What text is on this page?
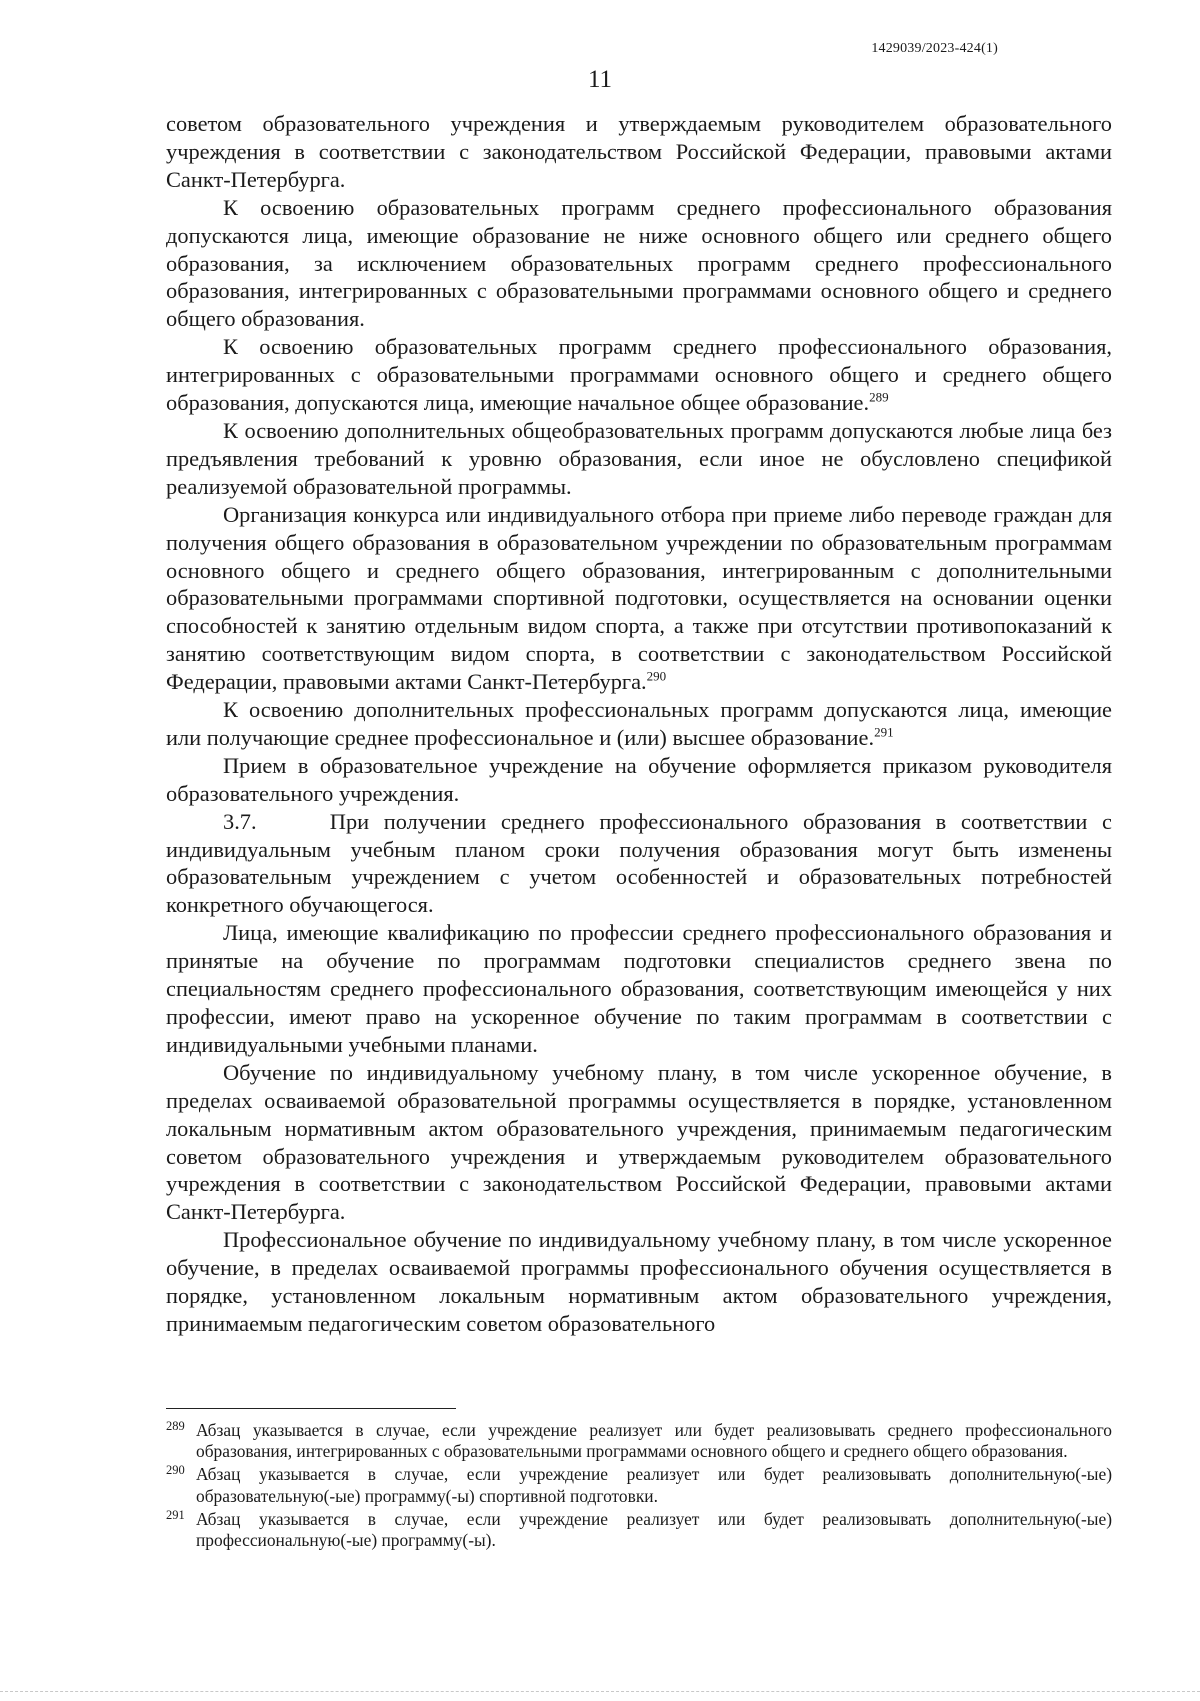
1429039/2023-424(1)
11

советом образовательного учреждения и утверждаемым руководителем образовательного учреждения в соответствии с законодательством Российской Федерации, правовыми актами Санкт-Петербурга.

К освоению образовательных программ среднего профессионального образования допускаются лица, имеющие образование не ниже основного общего или среднего общего образования, за исключением образовательных программ среднего профессионального образования, интегрированных с образовательными программами основного общего и среднего общего образования.

К освоению образовательных программ среднего профессионального образования, интегрированных с образовательными программами основного общего и среднего общего образования, допускаются лица, имеющие начальное общее образование.$^{289}$

К освоению дополнительных общеобразовательных программ допускаются любые лица без предъявления требований к уровню образования, если иное не обусловлено спецификой реализуемой образовательной программы.

Организация конкурса или индивидуального отбора при приеме либо переводе граждан для получения общего образования в образовательном учреждении по образовательным программам основного общего и среднего общего образования, интегрированным с дополнительными образовательными программами спортивной подготовки, осуществляется на основании оценки способностей к занятию отдельным видом спорта, а также при отсутствии противопоказаний к занятию соответствующим видом спорта, в соответствии с законодательством Российской Федерации, правовыми актами Санкт-Петербурга.$^{290}$

К освоению дополнительных профессиональных программ допускаются лица, имеющие или получающие среднее профессиональное и (или) высшее образование.$^{291}$

Прием в образовательное учреждение на обучение оформляется приказом руководителя образовательного учреждения.

3.7.     При получении среднего профессионального образования в соответствии с индивидуальным учебным планом сроки получения образования могут быть изменены образовательным учреждением с учетом особенностей и образовательных потребностей конкретного обучающегося.

Лица, имеющие квалификацию по профессии среднего профессионального образования и принятые на обучение по программам подготовки специалистов среднего звена по специальностям среднего профессионального образования, соответствующим имеющейся у них профессии, имеют право на ускоренное обучение по таким программам в соответствии с индивидуальными учебными планами.

Обучение по индивидуальному учебному плану, в том числе ускоренное обучение, в пределах осваиваемой образовательной программы осуществляется в порядке, установленном локальным нормативным актом образовательного учреждения, принимаемым педагогическим советом образовательного учреждения и утверждаемым руководителем образовательного учреждения в соответствии с законодательством Российской Федерации, правовыми актами Санкт-Петербурга.

Профессиональное обучение по индивидуальному учебному плану, в том числе ускоренное обучение, в пределах осваиваемой программы профессионального обучения осуществляется в порядке, установленном локальным нормативным актом образовательного учреждения, принимаемым педагогическим советом образовательного

289 Абзац указывается в случае, если учреждение реализует или будет реализовывать среднего профессионального образования, интегрированных с образовательными программами основного общего и среднего общего образования.
290 Абзац указывается в случае, если учреждение реализует или будет реализовывать дополнительную(-ые) образовательную(-ые) программу(-ы) спортивной подготовки.
291 Абзац указывается в случае, если учреждение реализует или будет реализовывать дополнительную(-ые) профессиональную(-ые) программу(-ы).
